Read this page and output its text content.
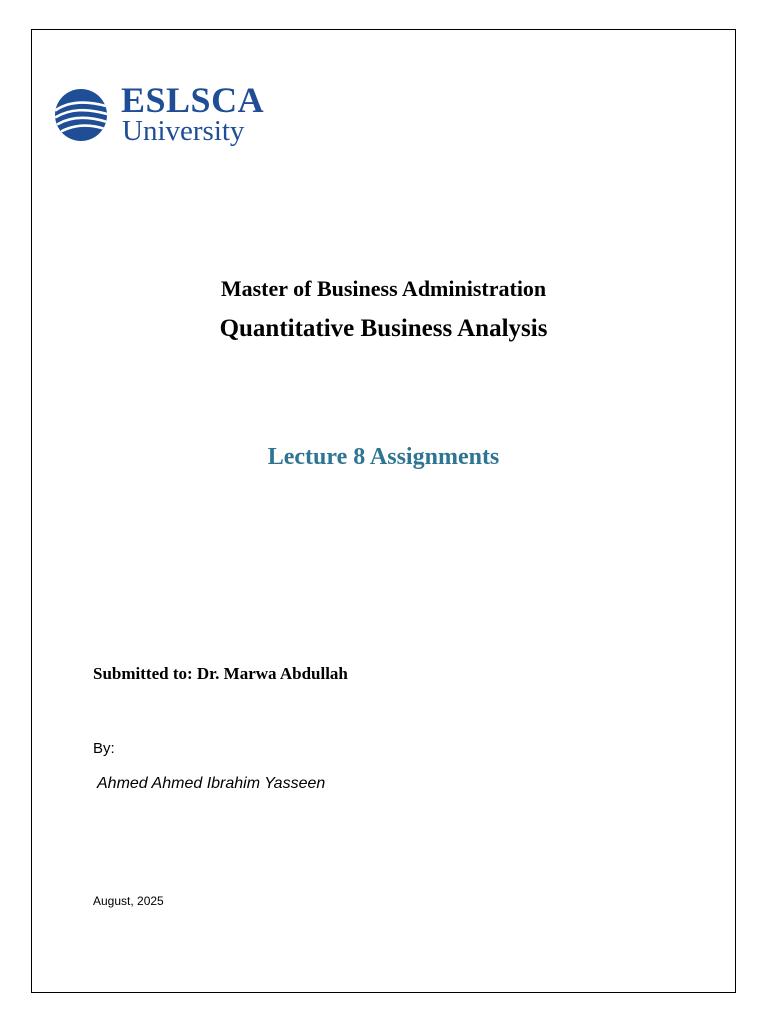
ESLSCA
University
Master of Business Administration
Quantitative Business Analysis
Lecture 8 Assignments
Submitted to: Dr. Marwa Abdullah
By:
Ahmed Ahmed Ibrahim Yasseen
August, 2025
